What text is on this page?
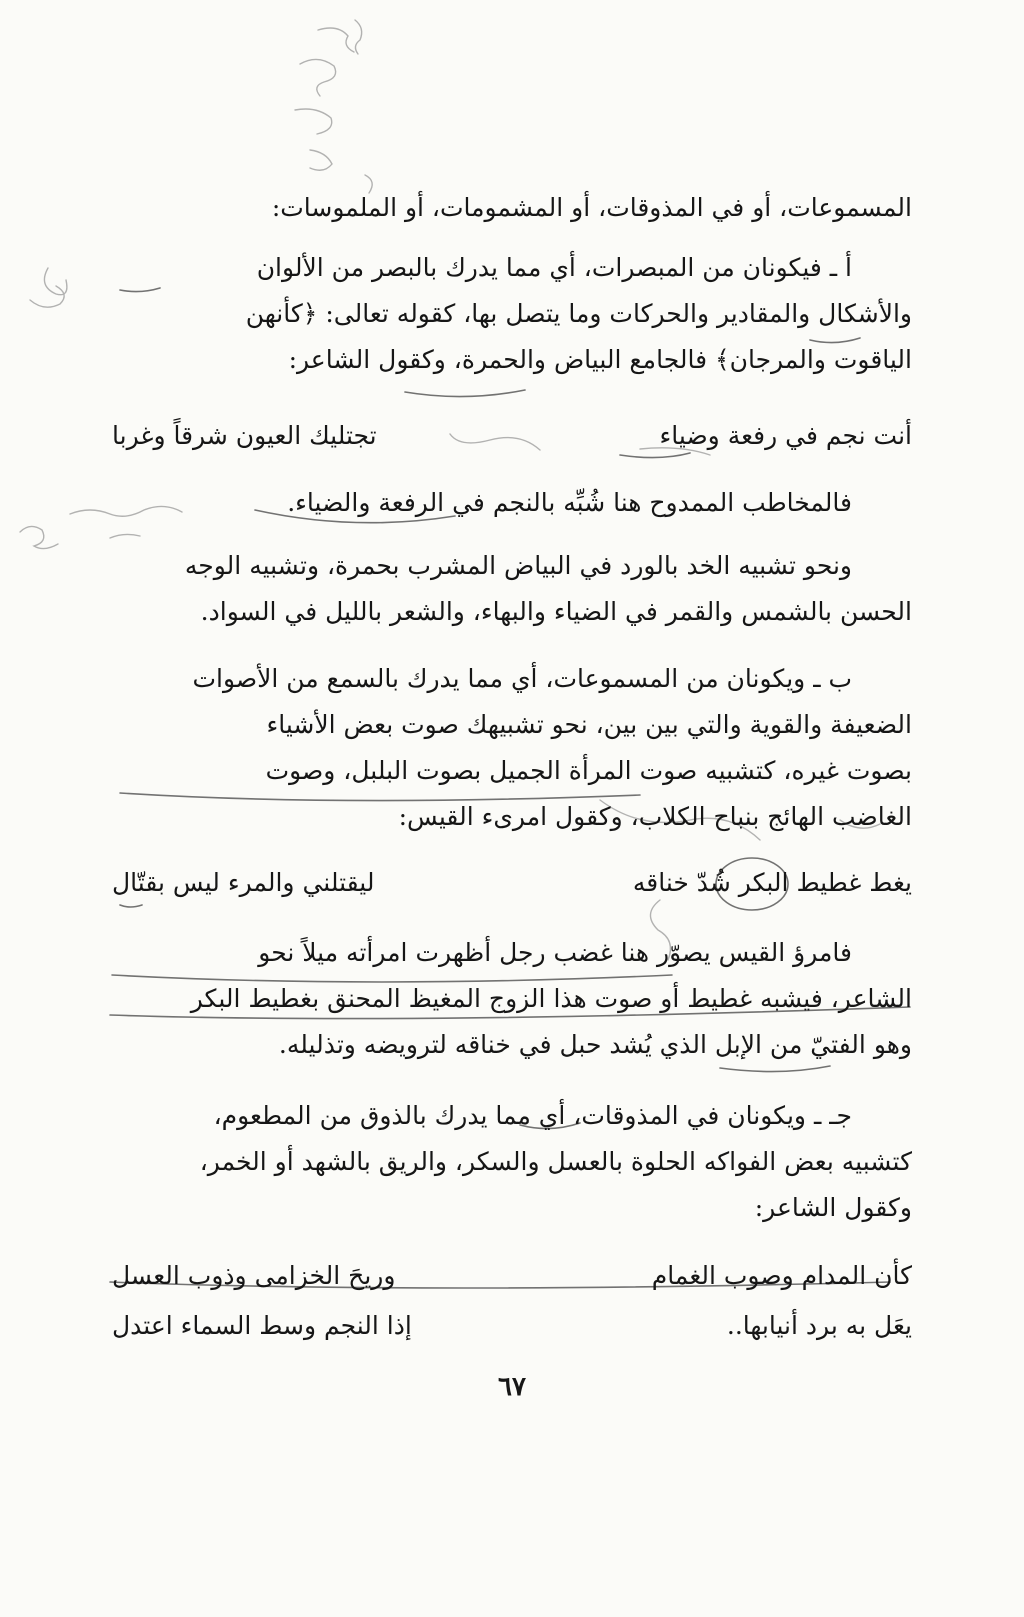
المسموعات، أو في المذوقات، أو المشمومات، أو الملموسات:
أ ـ فيكونان من المبصرات، أي مما يدرك بالبصر من الألوان
والأشكال والمقادير والحركات وما يتصل بها، كقوله تعالى: ﴿كأنهن
الياقوت والمرجان﴾ فالجامع البياض والحمرة، وكقول الشاعر:
أنت نجم في رفعة وضياء
تجتليك العيون شرقاً وغربا
فالمخاطب الممدوح هنا شُبِّه بالنجم في الرفعة والضياء.
ونحو تشبيه الخد بالورد في البياض المشرب بحمرة، وتشبيه الوجه
الحسن بالشمس والقمر في الضياء والبهاء، والشعر بالليل في السواد.
ب ـ ويكونان من المسموعات، أي مما يدرك بالسمع من الأصوات
الضعيفة والقوية والتي بين بين، نحو تشبيهك صوت بعض الأشياء
بصوت غيره، كتشبيه صوت المرأة الجميل بصوت البلبل، وصوت
الغاضب الهائج بنباح الكلاب، وكقول امرىء القيس:
يغط غطيط البكر شُدّ خناقه
ليقتلني والمرء ليس بقتّال
فامرؤ القيس يصوّر هنا غضب رجل أظهرت امرأته ميلاً نحو
الشاعر، فيشبه غطيط أو صوت هذا الزوج المغيظ المحنق بغطيط البكر
وهو الفتيّ من الإبل الذي يُشد حبل في خناقه لترويضه وتذليله.
جـ ـ ويكونان في المذوقات، أي مما يدرك بالذوق من المطعوم،
كتشبيه بعض الفواكه الحلوة بالعسل والسكر، والريق بالشهد أو الخمر،
وكقول الشاعر:
كأن المدام وصوب الغمام
وريحَ الخزامى وذوب العسل
يعَل به برد أنيابها..
إذا النجم وسط السماء اعتدل
٦٧
